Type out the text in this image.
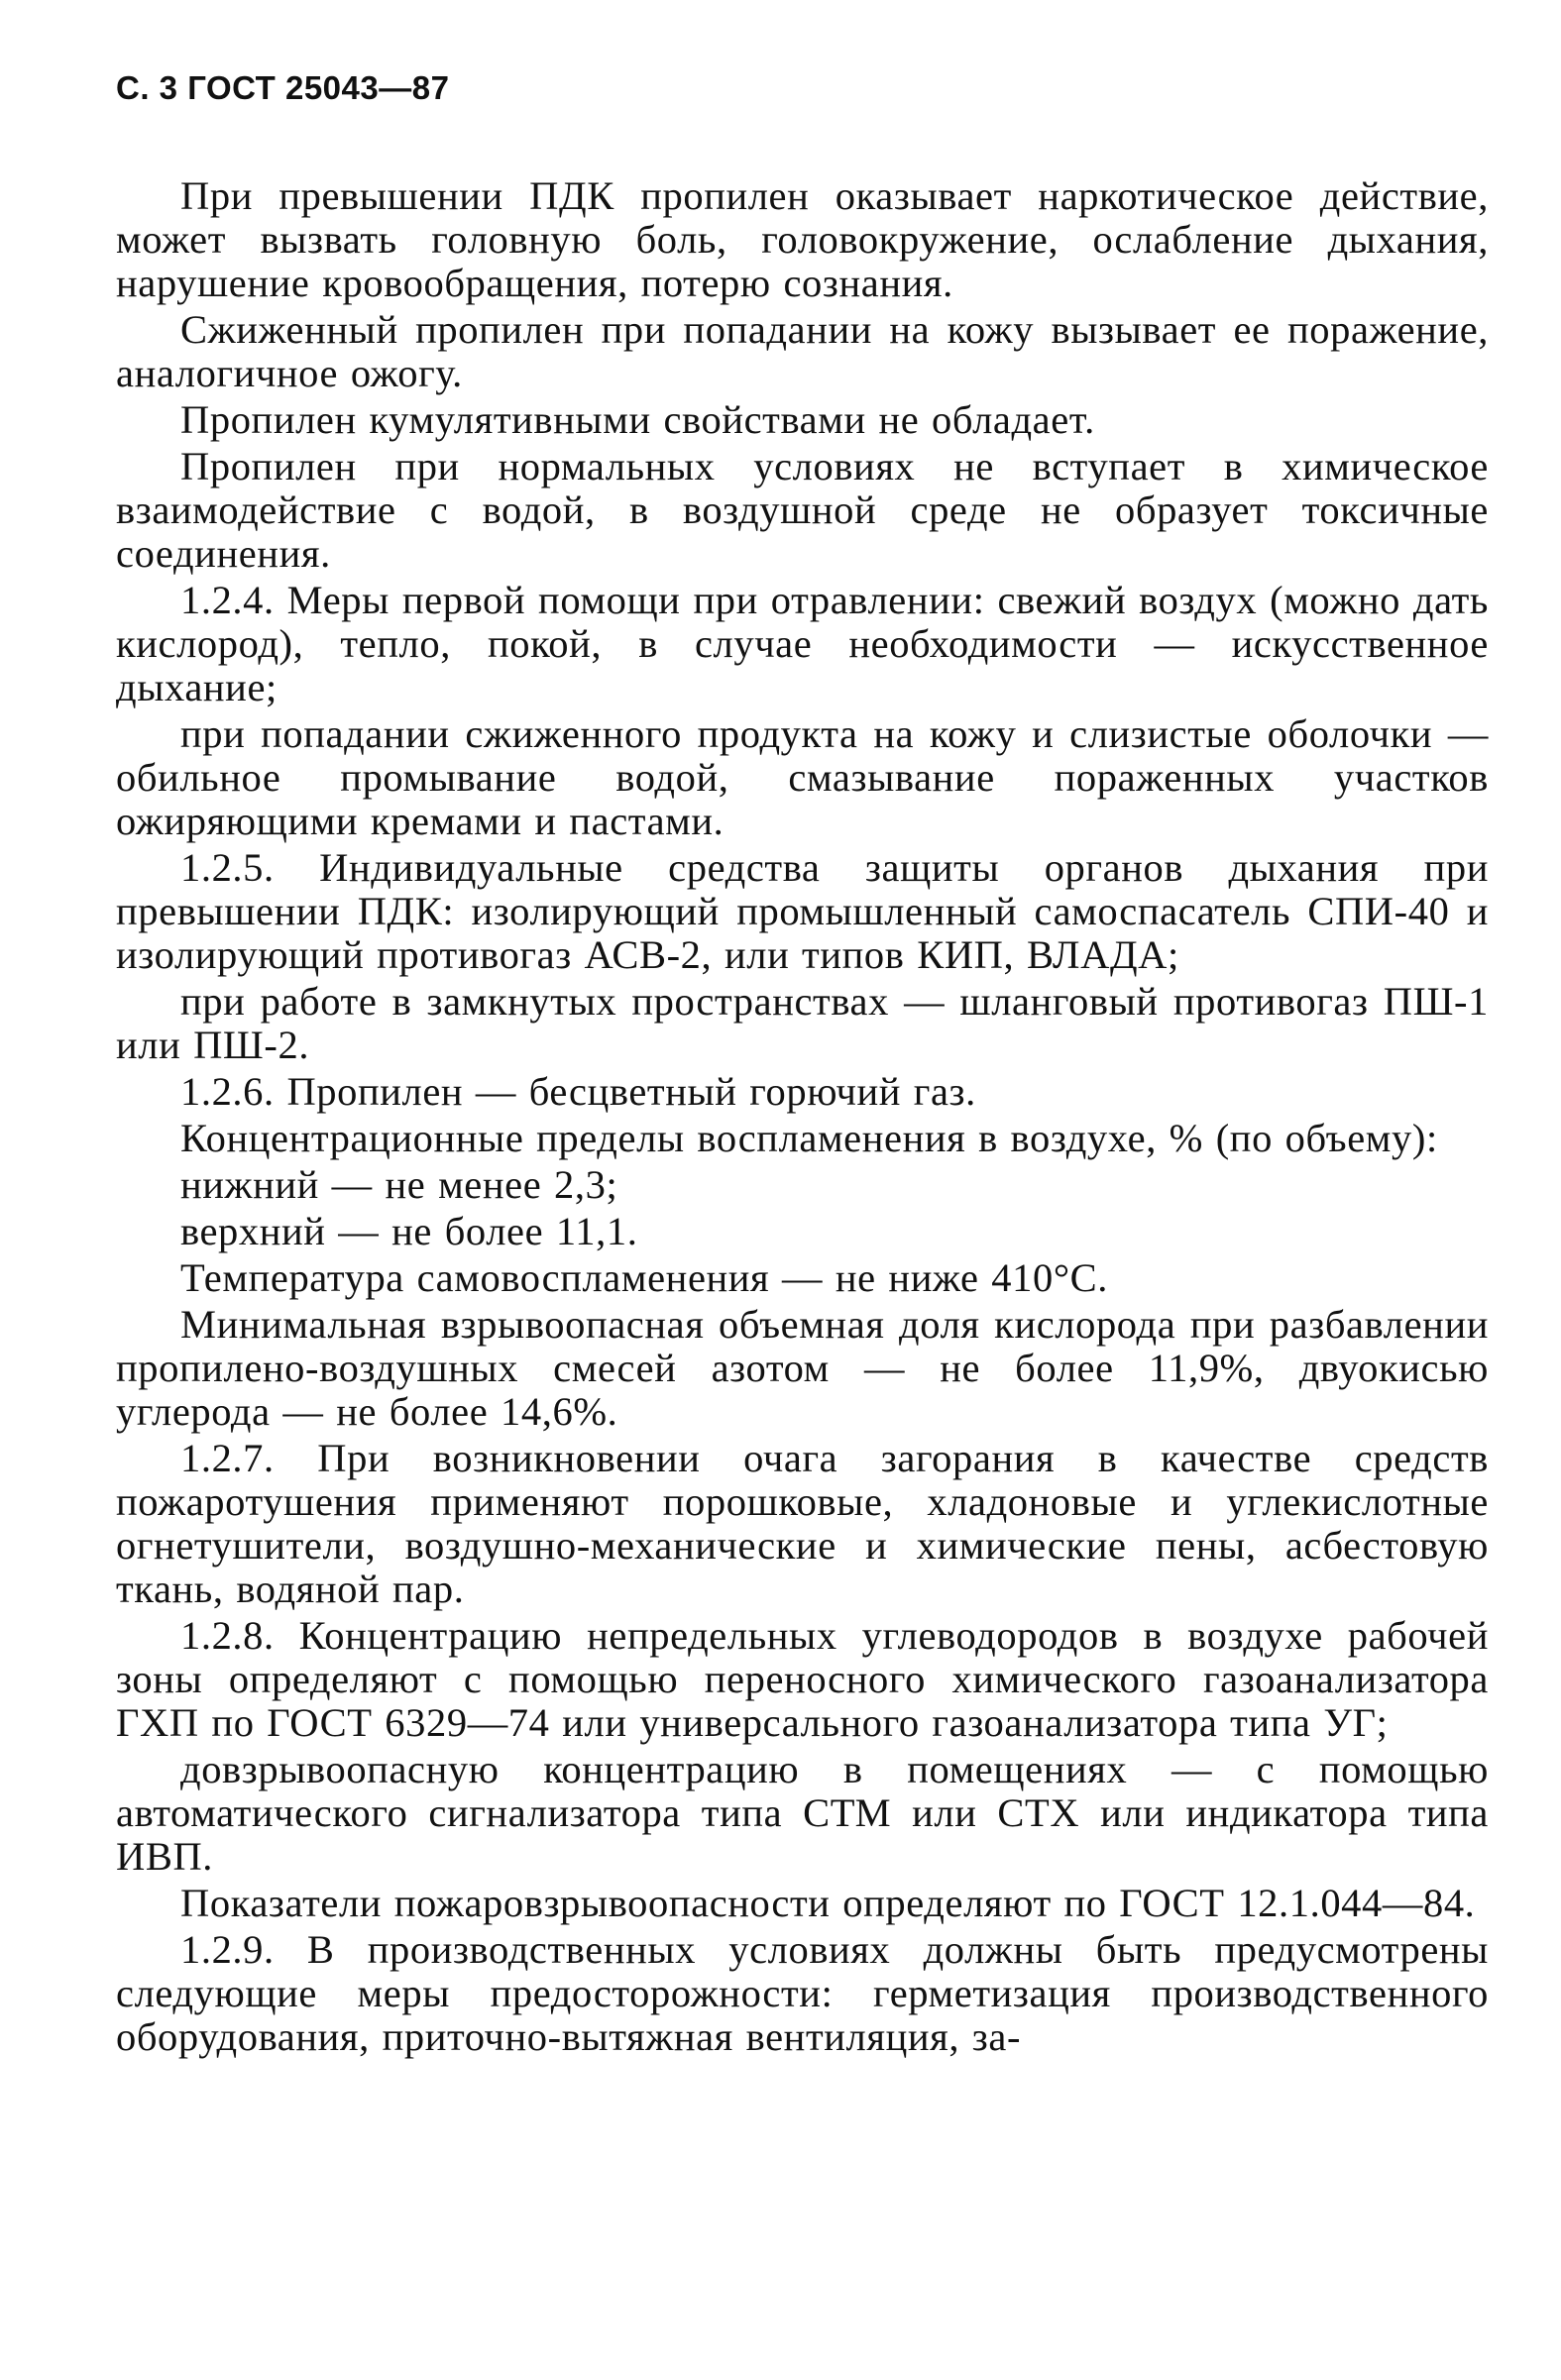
С. 3 ГОСТ 25043—87

При превышении ПДК пропилен оказывает наркотическое действие, может вызвать головную боль, головокружение, ослабление дыхания, нарушение кровообращения, потерю сознания.

Сжиженный пропилен при попадании на кожу вызывает ее поражение, аналогичное ожогу.

Пропилен кумулятивными свойствами не обладает.

Пропилен при нормальных условиях не вступает в химическое взаимодействие с водой, в воздушной среде не образует токсичные соединения.

1.2.4. Меры первой помощи при отравлении: свежий воздух (можно дать кислород), тепло, покой, в случае необходимости — искусственное дыхание;

при попадании сжиженного продукта на кожу и слизистые оболочки — обильное промывание водой, смазывание пораженных участков ожиряющими кремами и пастами.

1.2.5. Индивидуальные средства защиты органов дыхания при превышении ПДК: изолирующий промышленный самоспасатель СПИ-40 и изолирующий противогаз АСВ-2, или типов КИП, ВЛАДА;

при работе в замкнутых пространствах — шланговый противогаз ПШ-1 или ПШ-2.

1.2.6. Пропилен — бесцветный горючий газ.

Концентрационные пределы воспламенения в воздухе, % (по объему):

нижний — не менее 2,3;

верхний — не более 11,1.

Температура самовоспламенения — не ниже 410°С.

Минимальная взрывоопасная объемная доля кислорода при разбавлении пропилено-воздушных смесей азотом — не более 11,9%, двуокисью углерода — не более 14,6%.

1.2.7. При возникновении очага загорания в качестве средств пожаротушения применяют порошковые, хладоновые и углекислотные огнетушители, воздушно-механические и химические пены, асбестовую ткань, водяной пар.

1.2.8. Концентрацию непредельных углеводородов в воздухе рабочей зоны определяют с помощью переносного химического газоанализатора ГХП по ГОСТ 6329—74 или универсального газоанализатора типа УГ;

довзрывоопасную концентрацию в помещениях — с помощью автоматического сигнализатора типа СТМ или СТХ или индикатора типа ИВП.

Показатели пожаровзрывоопасности определяют по ГОСТ 12.1.044—84.

1.2.9. В производственных условиях должны быть предусмотрены следующие меры предосторожности: герметизация производственного оборудования, приточно-вытяжная вентиляция, за-
